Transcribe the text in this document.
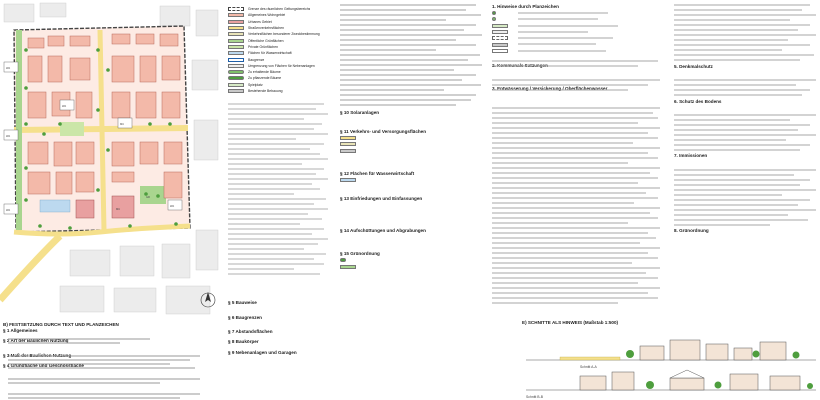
WA
WA
WA
MU
WA
WA
MU
GR
B) FESTSETZUNG DURCH TEXT UND PLANZEICHEN
§ 1 Allgemeines

§ 2 Art der Baulichen Nutzung

§ 3 Maß der Baulichen Nutzung

§ 4 Grundfläche und Geschossfläche
Grenze des räumlichen Geltungsbereichs
Allgemeines Wohngebiet
Urbanes Gebiet
Straßenverkehrsflächen
Verkehrsflächen besonderer Zweckbestimmung
Öffentliche Grünflächen
Private Grünflächen
Flächen für Wasserwirtschaft
Baugrenze
Umgrenzung von Flächen für Nebenanlagen
Zu erhaltende Bäume
Zu pflanzende Bäume
Spielplatz
Bestehende Bebauung
§ 5 Bauweise

§ 6 Baugrenzen

§ 7 Abstandsflächen

§ 8 Baukörper

§ 9 Nebenanlagen und Garagen
§ 10 Solaranlagen

§ 11 Verkehrs- und Versorgungsflächen

§ 12 Flächen für Wasserwirtschaft

§ 13 Einfriedungen und Einfassungen

§ 14 Aufschüttungen und Abgrabungen

§ 15 Grünordnung
1. Hinweise durch Planzeichen

2. Kommunale Satzungen

3. Entwässerung / Versickerung / Oberflächenwasser
5. Denkmalschutz
6. Schutz des Bodens
7. Immissionen
8. Grünordnung
E) SCHNITTE ALS HINWEIS (Maßstab 1:500)
Schnitt A-A
Schnitt B-B
